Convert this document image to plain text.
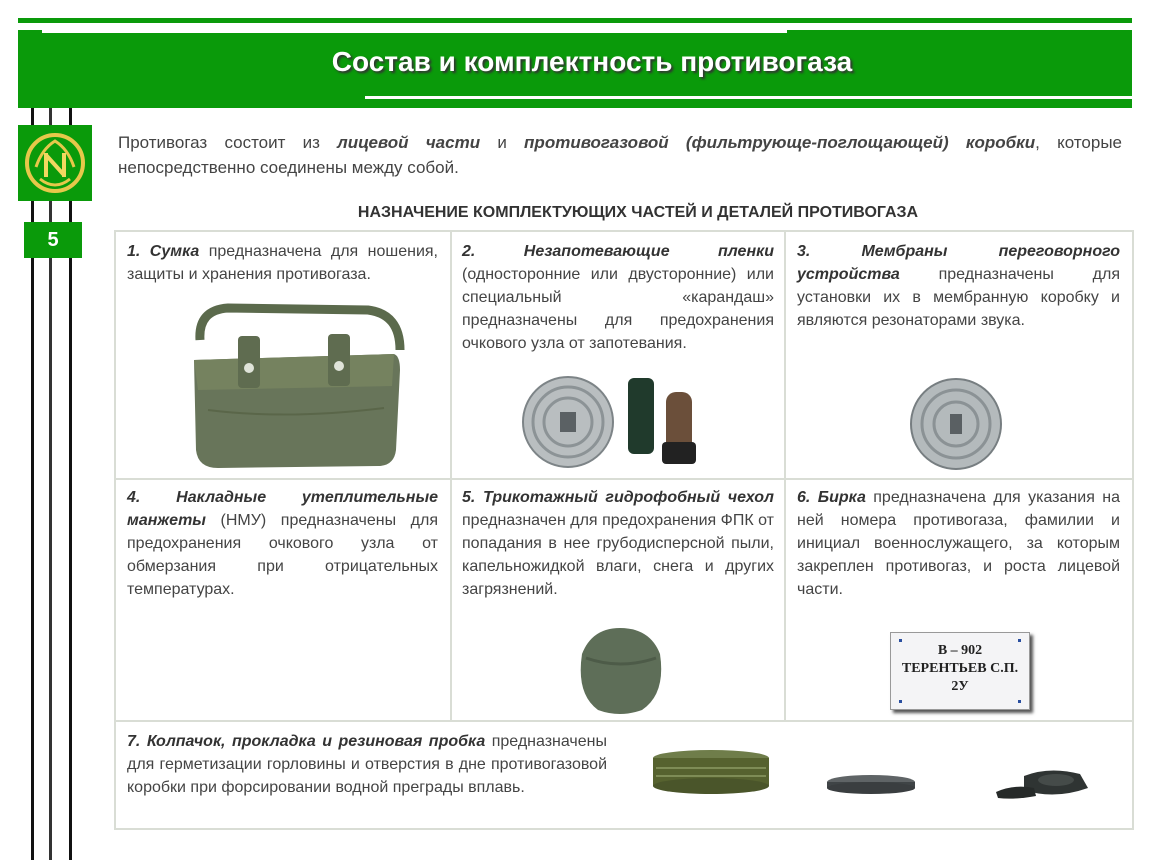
Состав и комплектность противогаза
5
Противогаз состоит из лицевой части и противогазовой (фильтрующе-поглощающей) коробки, которые непосредственно соединены между собой.
НАЗНАЧЕНИЕ КОМПЛЕКТУЮЩИХ ЧАСТЕЙ И ДЕТАЛЕЙ ПРОТИВОГАЗА
1. Сумка предназначена для ношения, защиты и хранения противогаза.
2. Незапотевающие пленки (односторонние или двусторонние) или специальный «карандаш» предназначены для предохранения очкового узла от запотевания.
3. Мембраны переговорного устройства предназначены для установки их в мембранную коробку и являются резонаторами звука.
4. Накладные утеплительные манжеты (НМУ) предназначены для предохранения очкового узла от обмерзания при отрицательных температурах.
5. Трикотажный гидрофобный чехол предназначен для предохранения ФПК от попадания в нее грубодисперсной пыли, капельножидкой влаги, снега и других загрязнений.
6. Бирка предназначена для указания на ней номера противогаза, фамилии и инициал военнослужащего, за которым закреплен противогаз, и роста лицевой части.
В – 902
ТЕРЕНТЬЕВ С.П.
2У
7. Колпачок, прокладка и резиновая пробка предназначены для герметизации горловины и отверстия в дне противогазовой коробки при форсировании водной преграды вплавь.
